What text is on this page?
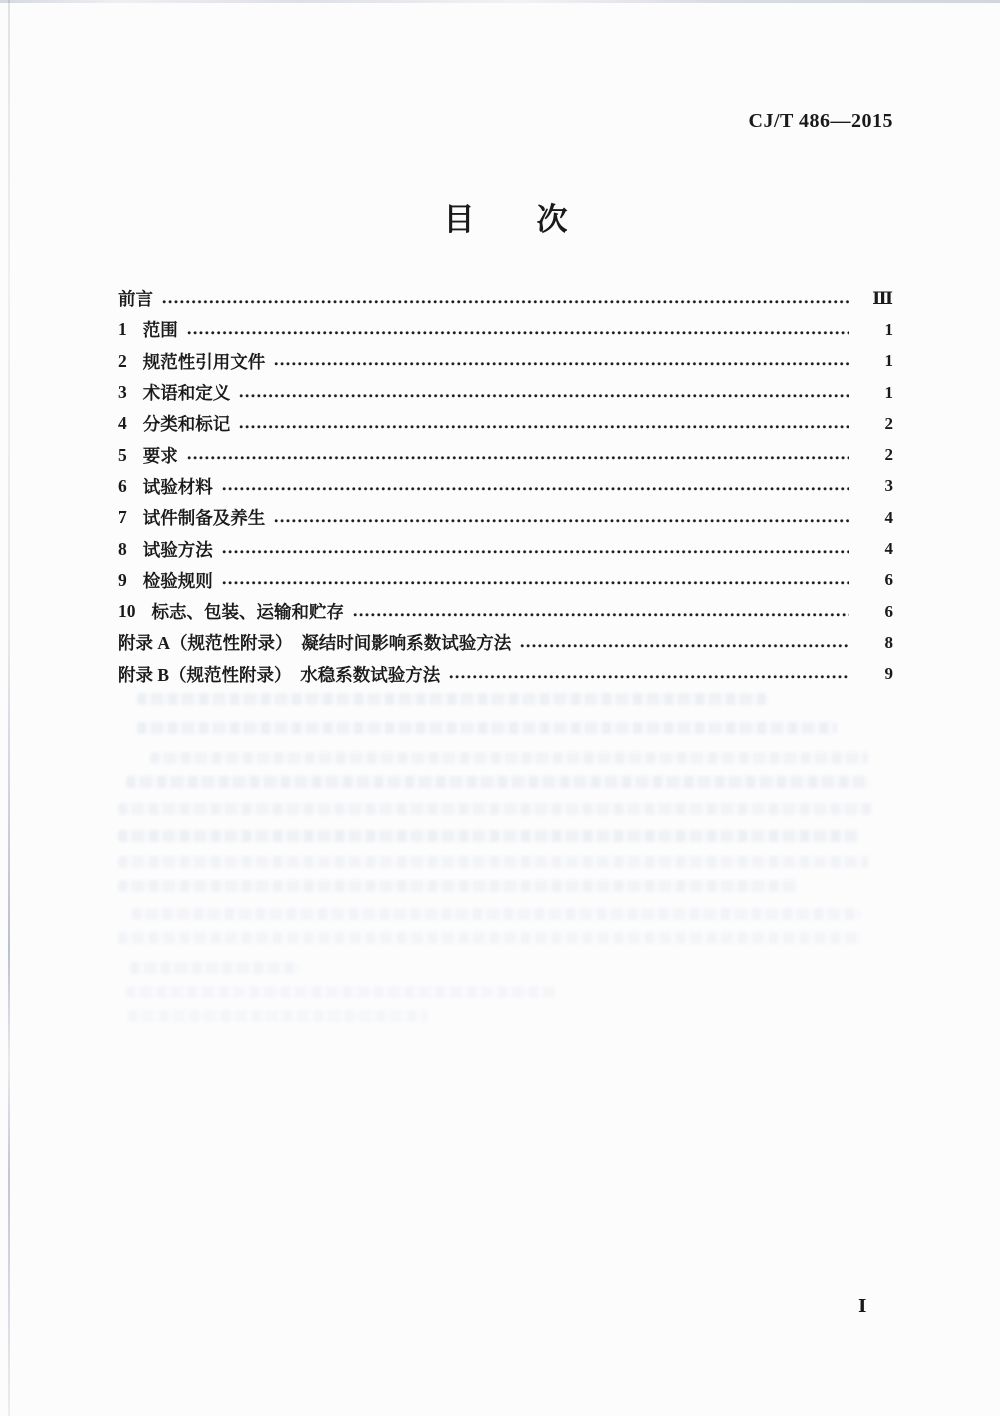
CJ/T 486—2015
目　　次
前言	Ⅲ
1 范围	1
2 规范性引用文件	1
3 术语和定义	1
4 分类和标记	2
5 要求	2
6 试验材料	3
7 试件制备及养生	4
8 试验方法	4
9 检验规则	6
10 标志、包装、运输和贮存	6
附录 A（规范性附录）　凝结时间影响系数试验方法	8
附录 B（规范性附录）　水稳系数试验方法	9
Ⅰ
